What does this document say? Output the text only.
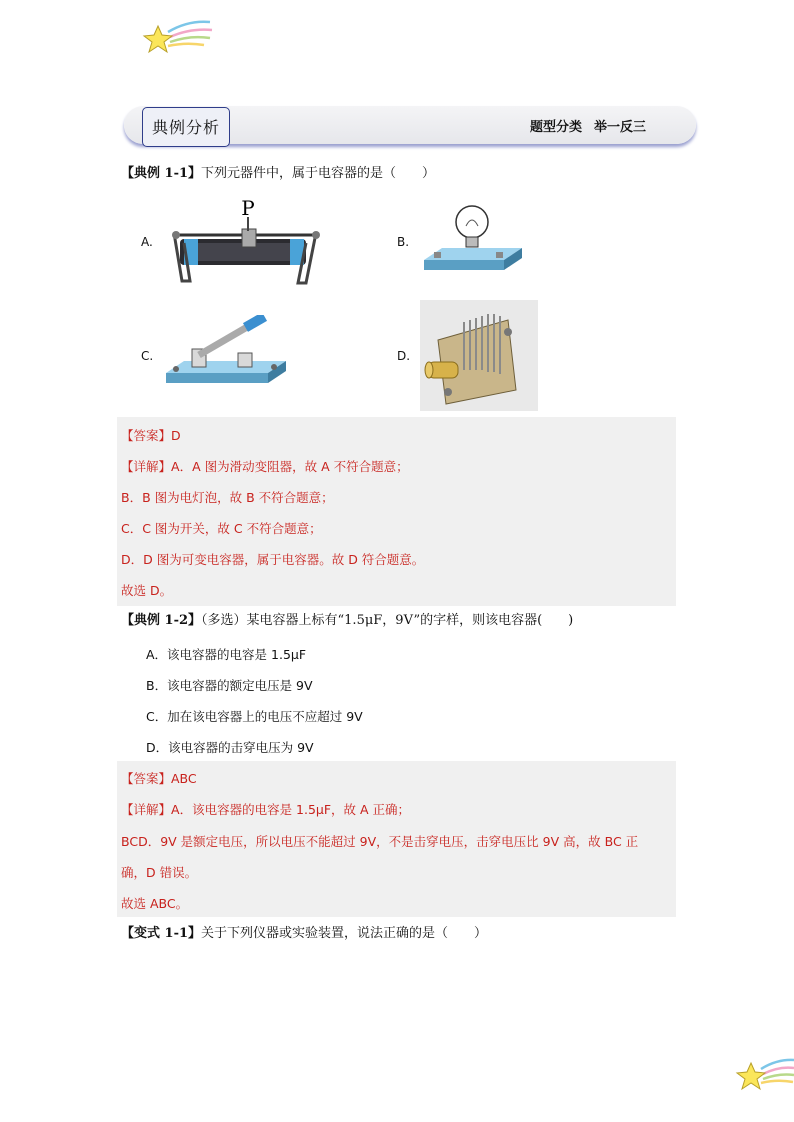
典例分析	题型分类 举一反三
【典例 1-1】下列元器件中，属于电容器的是（　　）
A.	B.
C.	D.
P
【答案】D
【详解】A．A 图为滑动变阻器，故 A 不符合题意；
B．B 图为电灯泡，故 B 不符合题意；
C．C 图为开关，故 C 不符合题意；
D．D 图为可变电容器，属于电容器。故 D 符合题意。
故选 D。
【典例 1-2】（多选）某电容器上标有“1.5μF，9V”的字样，则该电容器(　　)
A．该电容器的电容是 1.5μF
B．该电容器的额定电压是 9V
C．加在该电容器上的电压不应超过 9V
D．该电容器的击穿电压为 9V
【答案】ABC
【详解】A．该电容器的电容是 1.5μF，故 A 正确；
BCD．9V 是额定电压，所以电压不能超过 9V，不是击穿电压，击穿电压比 9V 高，故 BC 正
确，D 错误。
故选 ABC。
【变式 1-1】关于下列仪器或实验装置，说法正确的是（　　）
